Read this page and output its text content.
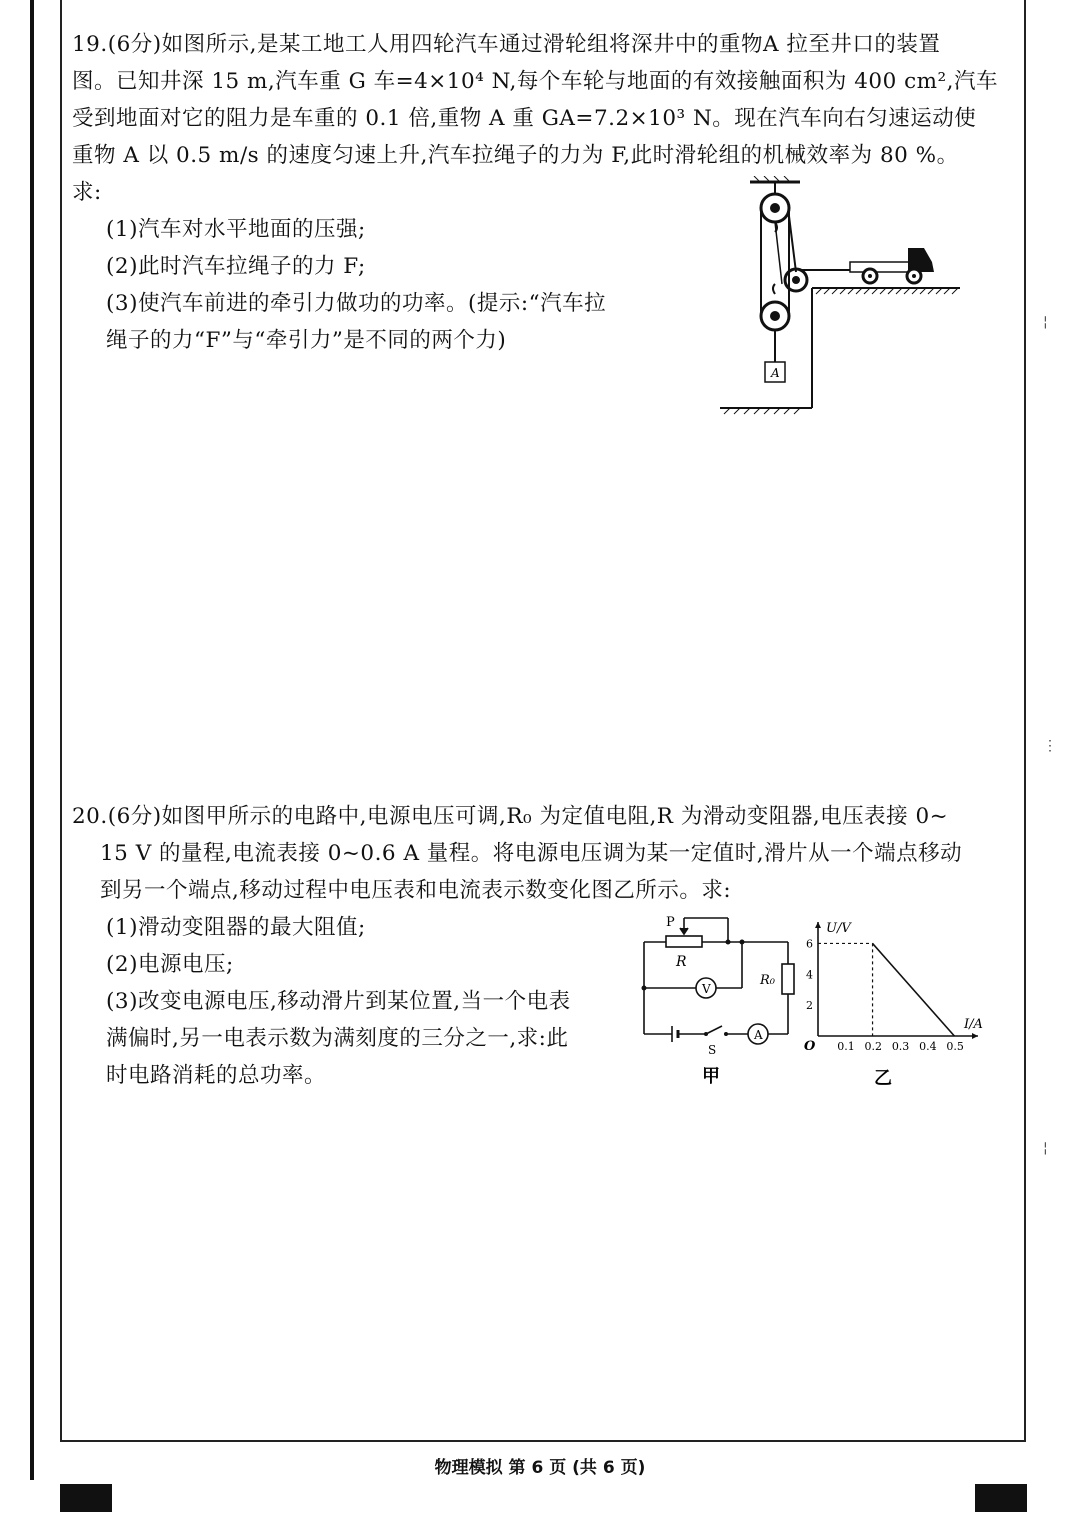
¦
⋮
¦

19.(6分)如图所示,是某工地工人用四轮汽车通过滑轮组将深井中的重物A 拉至井口的装置

图。已知井深 15 m,汽车重 G 车=4×10⁴ N,每个车轮与地面的有效接触面积为 400 cm²,汽车

受到地面对它的阻力是车重的 0.1 倍,重物 A 重 GA=7.2×10³ N。现在汽车向右匀速运动使

重物 A 以 0.5 m/s 的速度匀速上升,汽车拉绳子的力为 F,此时滑轮组的机械效率为 80 %。

求:

(1)汽车对水平地面的压强;

(2)此时汽车拉绳子的力 F;

(3)使汽车前进的牵引力做功的功率。(提示:“汽车拉

绳子的力“F”与“牵引力”是不同的两个力)

A

20.(6分)如图甲所示的电路中,电源电压可调,R₀ 为定值电阻,R 为滑动变阻器,电压表接 0~

15 V 的量程,电流表接 0~0.6 A 量程。将电源电压调为某一定值时,滑片从一个端点移动

到另一个端点,移动过程中电压表和电流表示数变化图乙所示。求:

(1)滑动变阻器的最大阻值;

(2)电源电压;

(3)改变电源电压,移动滑片到某位置,当一个电表

满偏时,另一电表示数为满刻度的三分之一,求:此

时电路消耗的总功率。

P
R
R₀
V
A
S
甲	乙
U/V
I/A
O 0.1 0.2 0.3 0.4 0.5
2
4
6
物理模拟 第 6 页 (共 6 页)
